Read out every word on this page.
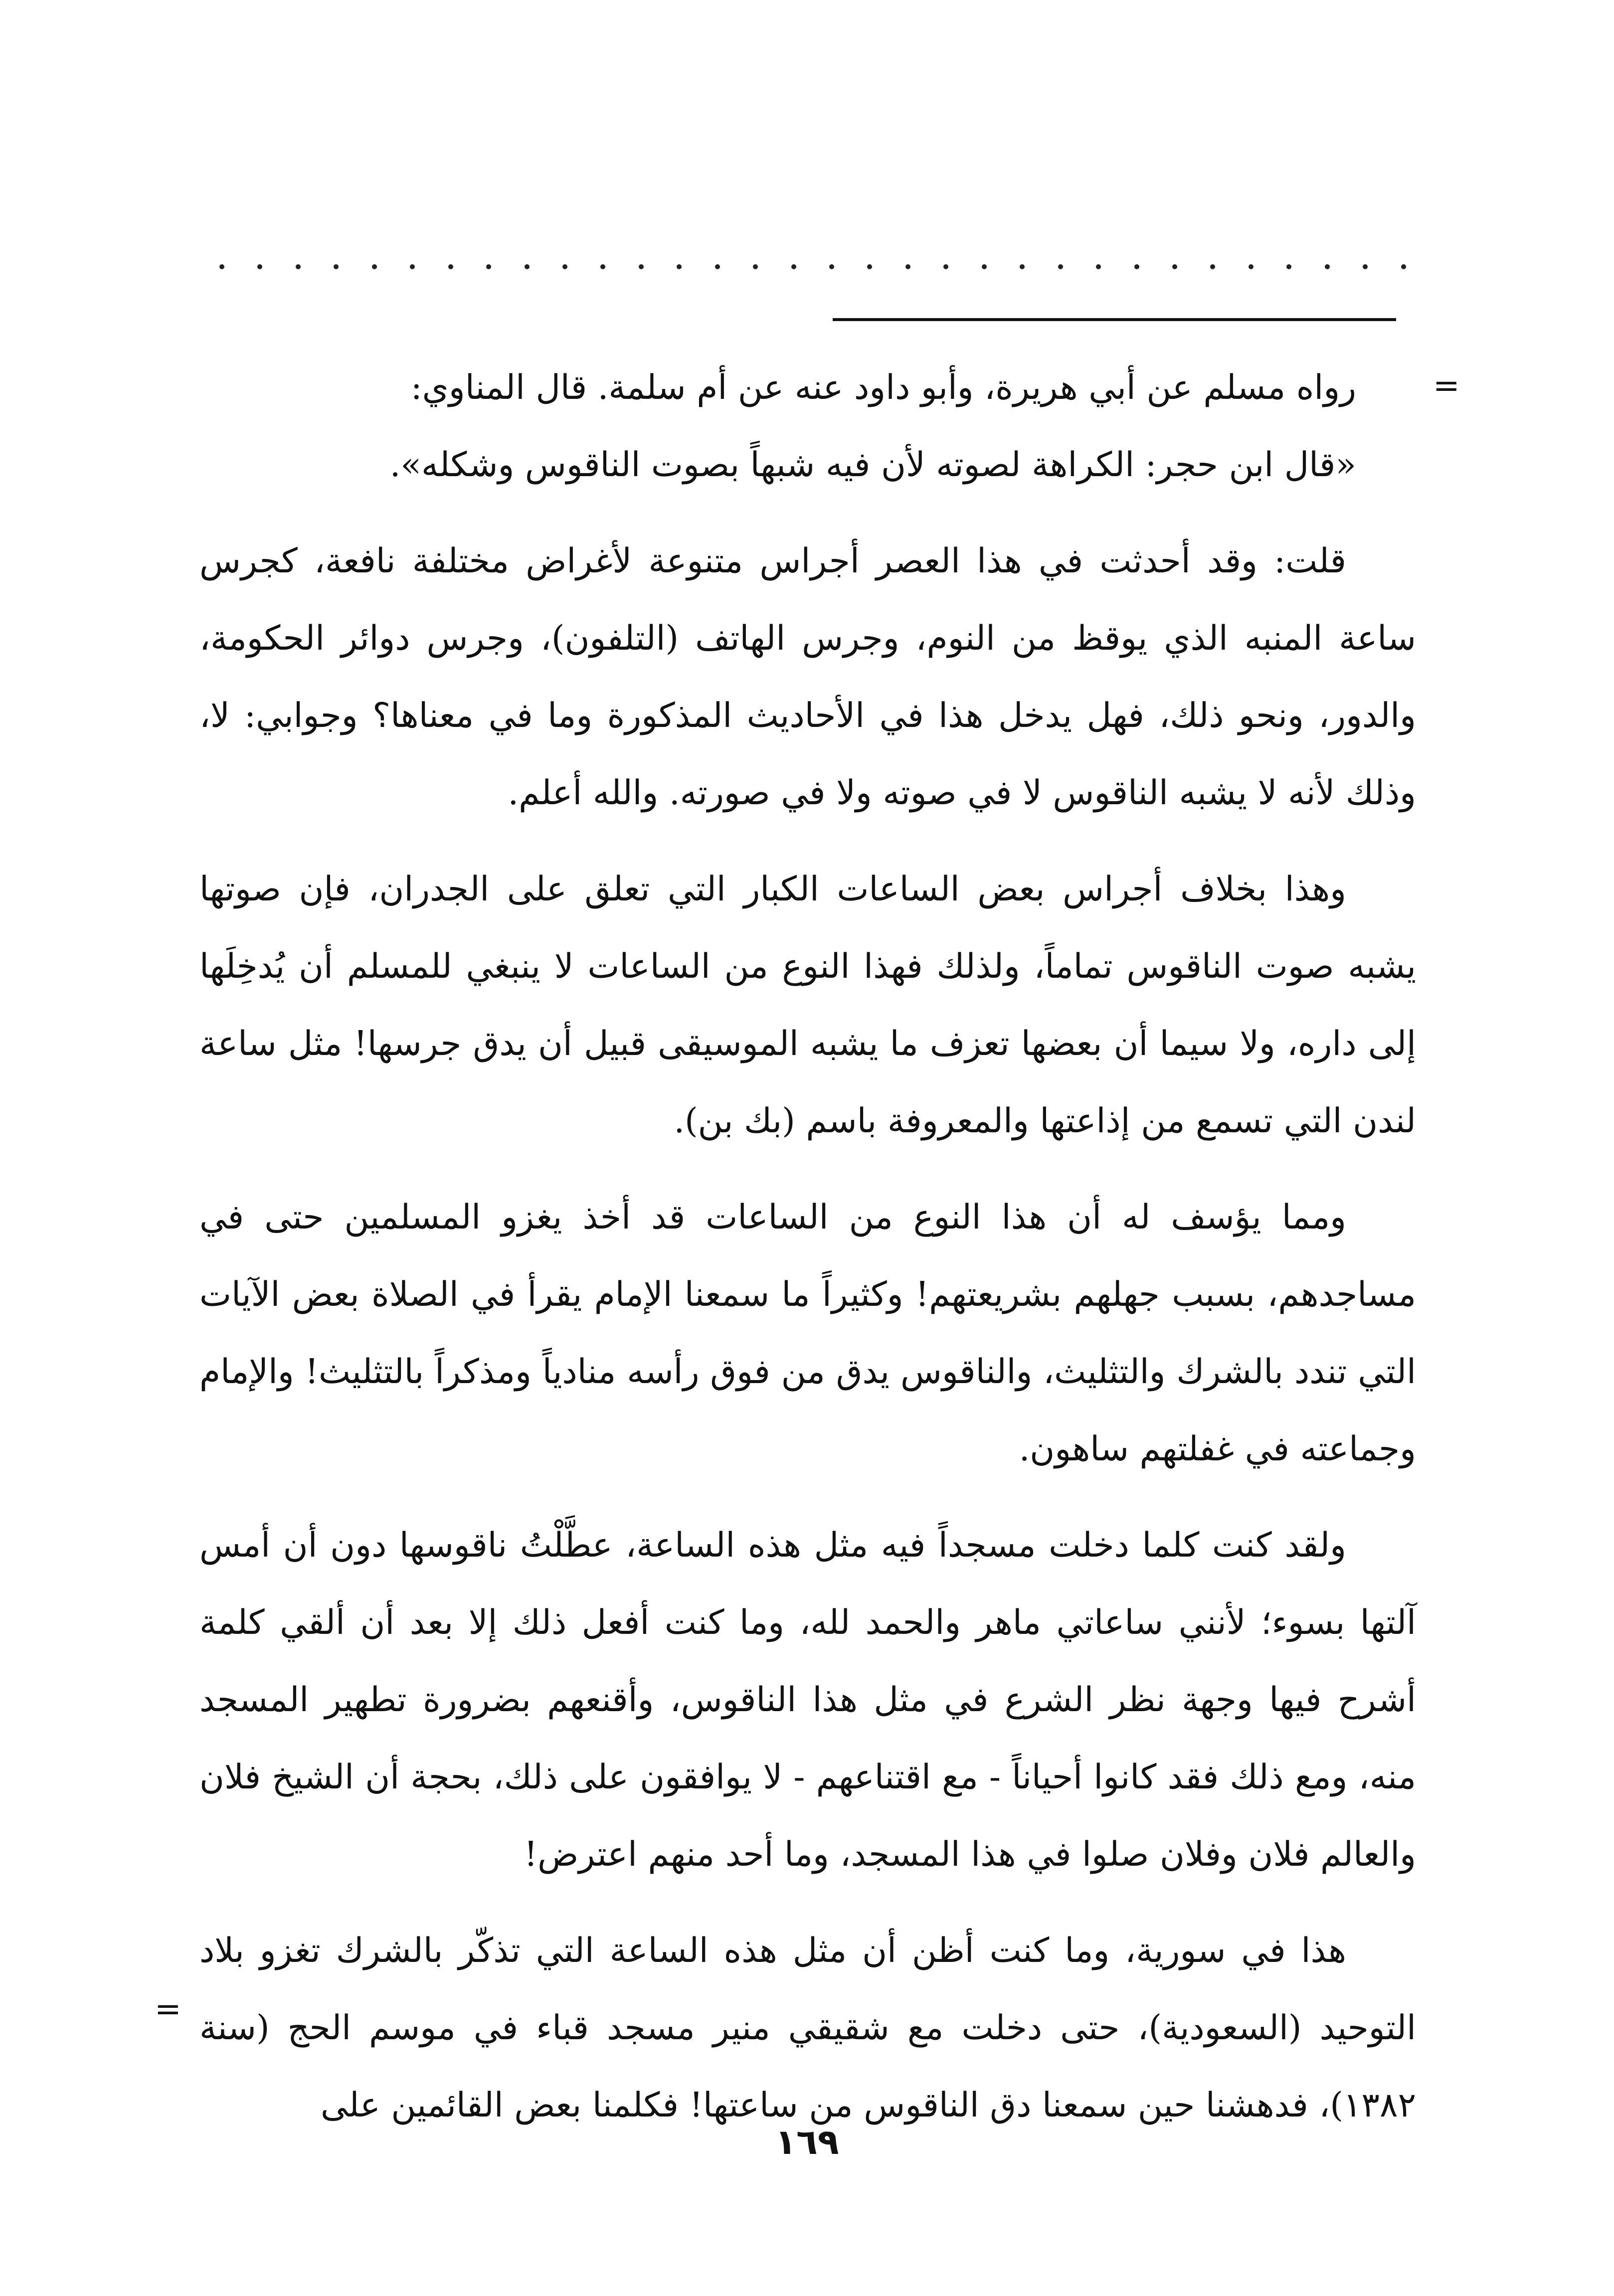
=

رواه مسلم عن أبي هريرة، وأبو داود عنه عن أم سلمة. قال المناوي:

«قال ابن حجر: الكراهة لصوته لأن فيه شبهاً بصوت الناقوس وشكله».

قلت: وقد أحدثت في هذا العصر أجراس متنوعة لأغراض مختلفة نافعة، كجرس ساعة المنبه الذي يوقظ من النوم، وجرس الهاتف (التلفون)، وجرس دوائر الحكومة، والدور، ونحو ذلك، فهل يدخل هذا في الأحاديث المذكورة وما في معناها؟ وجوابي: لا، وذلك لأنه لا يشبه الناقوس لا في صوته ولا في صورته. والله أعلم.

وهذا بخلاف أجراس بعض الساعات الكبار التي تعلق على الجدران، فإن صوتها يشبه صوت الناقوس تماماً، ولذلك فهذا النوع من الساعات لا ينبغي للمسلم أن يُدخِلَها إلى داره، ولا سيما أن بعضها تعزف ما يشبه الموسيقى قبيل أن يدق جرسها! مثل ساعة لندن التي تسمع من إذاعتها والمعروفة باسم (بك بن).

ومما يؤسف له أن هذا النوع من الساعات قد أخذ يغزو المسلمين حتى في مساجدهم، بسبب جهلهم بشريعتهم! وكثيراً ما سمعنا الإمام يقرأ في الصلاة بعض الآيات التي تندد بالشرك والتثليث، والناقوس يدق من فوق رأسه منادياً ومذكراً بالتثليث! والإمام وجماعته في غفلتهم ساهون.

ولقد كنت كلما دخلت مسجداً فيه مثل هذه الساعة، عطَّلْتُ ناقوسها دون أن أمس آلتها بسوء؛ لأنني ساعاتي ماهر والحمد لله، وما كنت أفعل ذلك إلا بعد أن ألقي كلمة أشرح فيها وجهة نظر الشرع في مثل هذا الناقوس، وأقنعهم بضرورة تطهير المسجد منه، ومع ذلك فقد كانوا أحياناً - مع اقتناعهم - لا يوافقون على ذلك، بحجة أن الشيخ فلان والعالم فلان وفلان صلوا في هذا المسجد، وما أحد منهم اعترض!

هذا في سورية، وما كنت أظن أن مثل هذه الساعة التي تذكّر بالشرك تغزو بلاد التوحيد (السعودية)، حتى دخلت مع شقيقي منير مسجد قباء في موسم الحج (سنة ١٣٨٢)، فدهشنا حين سمعنا دق الناقوس من ساعتها! فكلمنا بعض القائمين على

=
١٦٩
